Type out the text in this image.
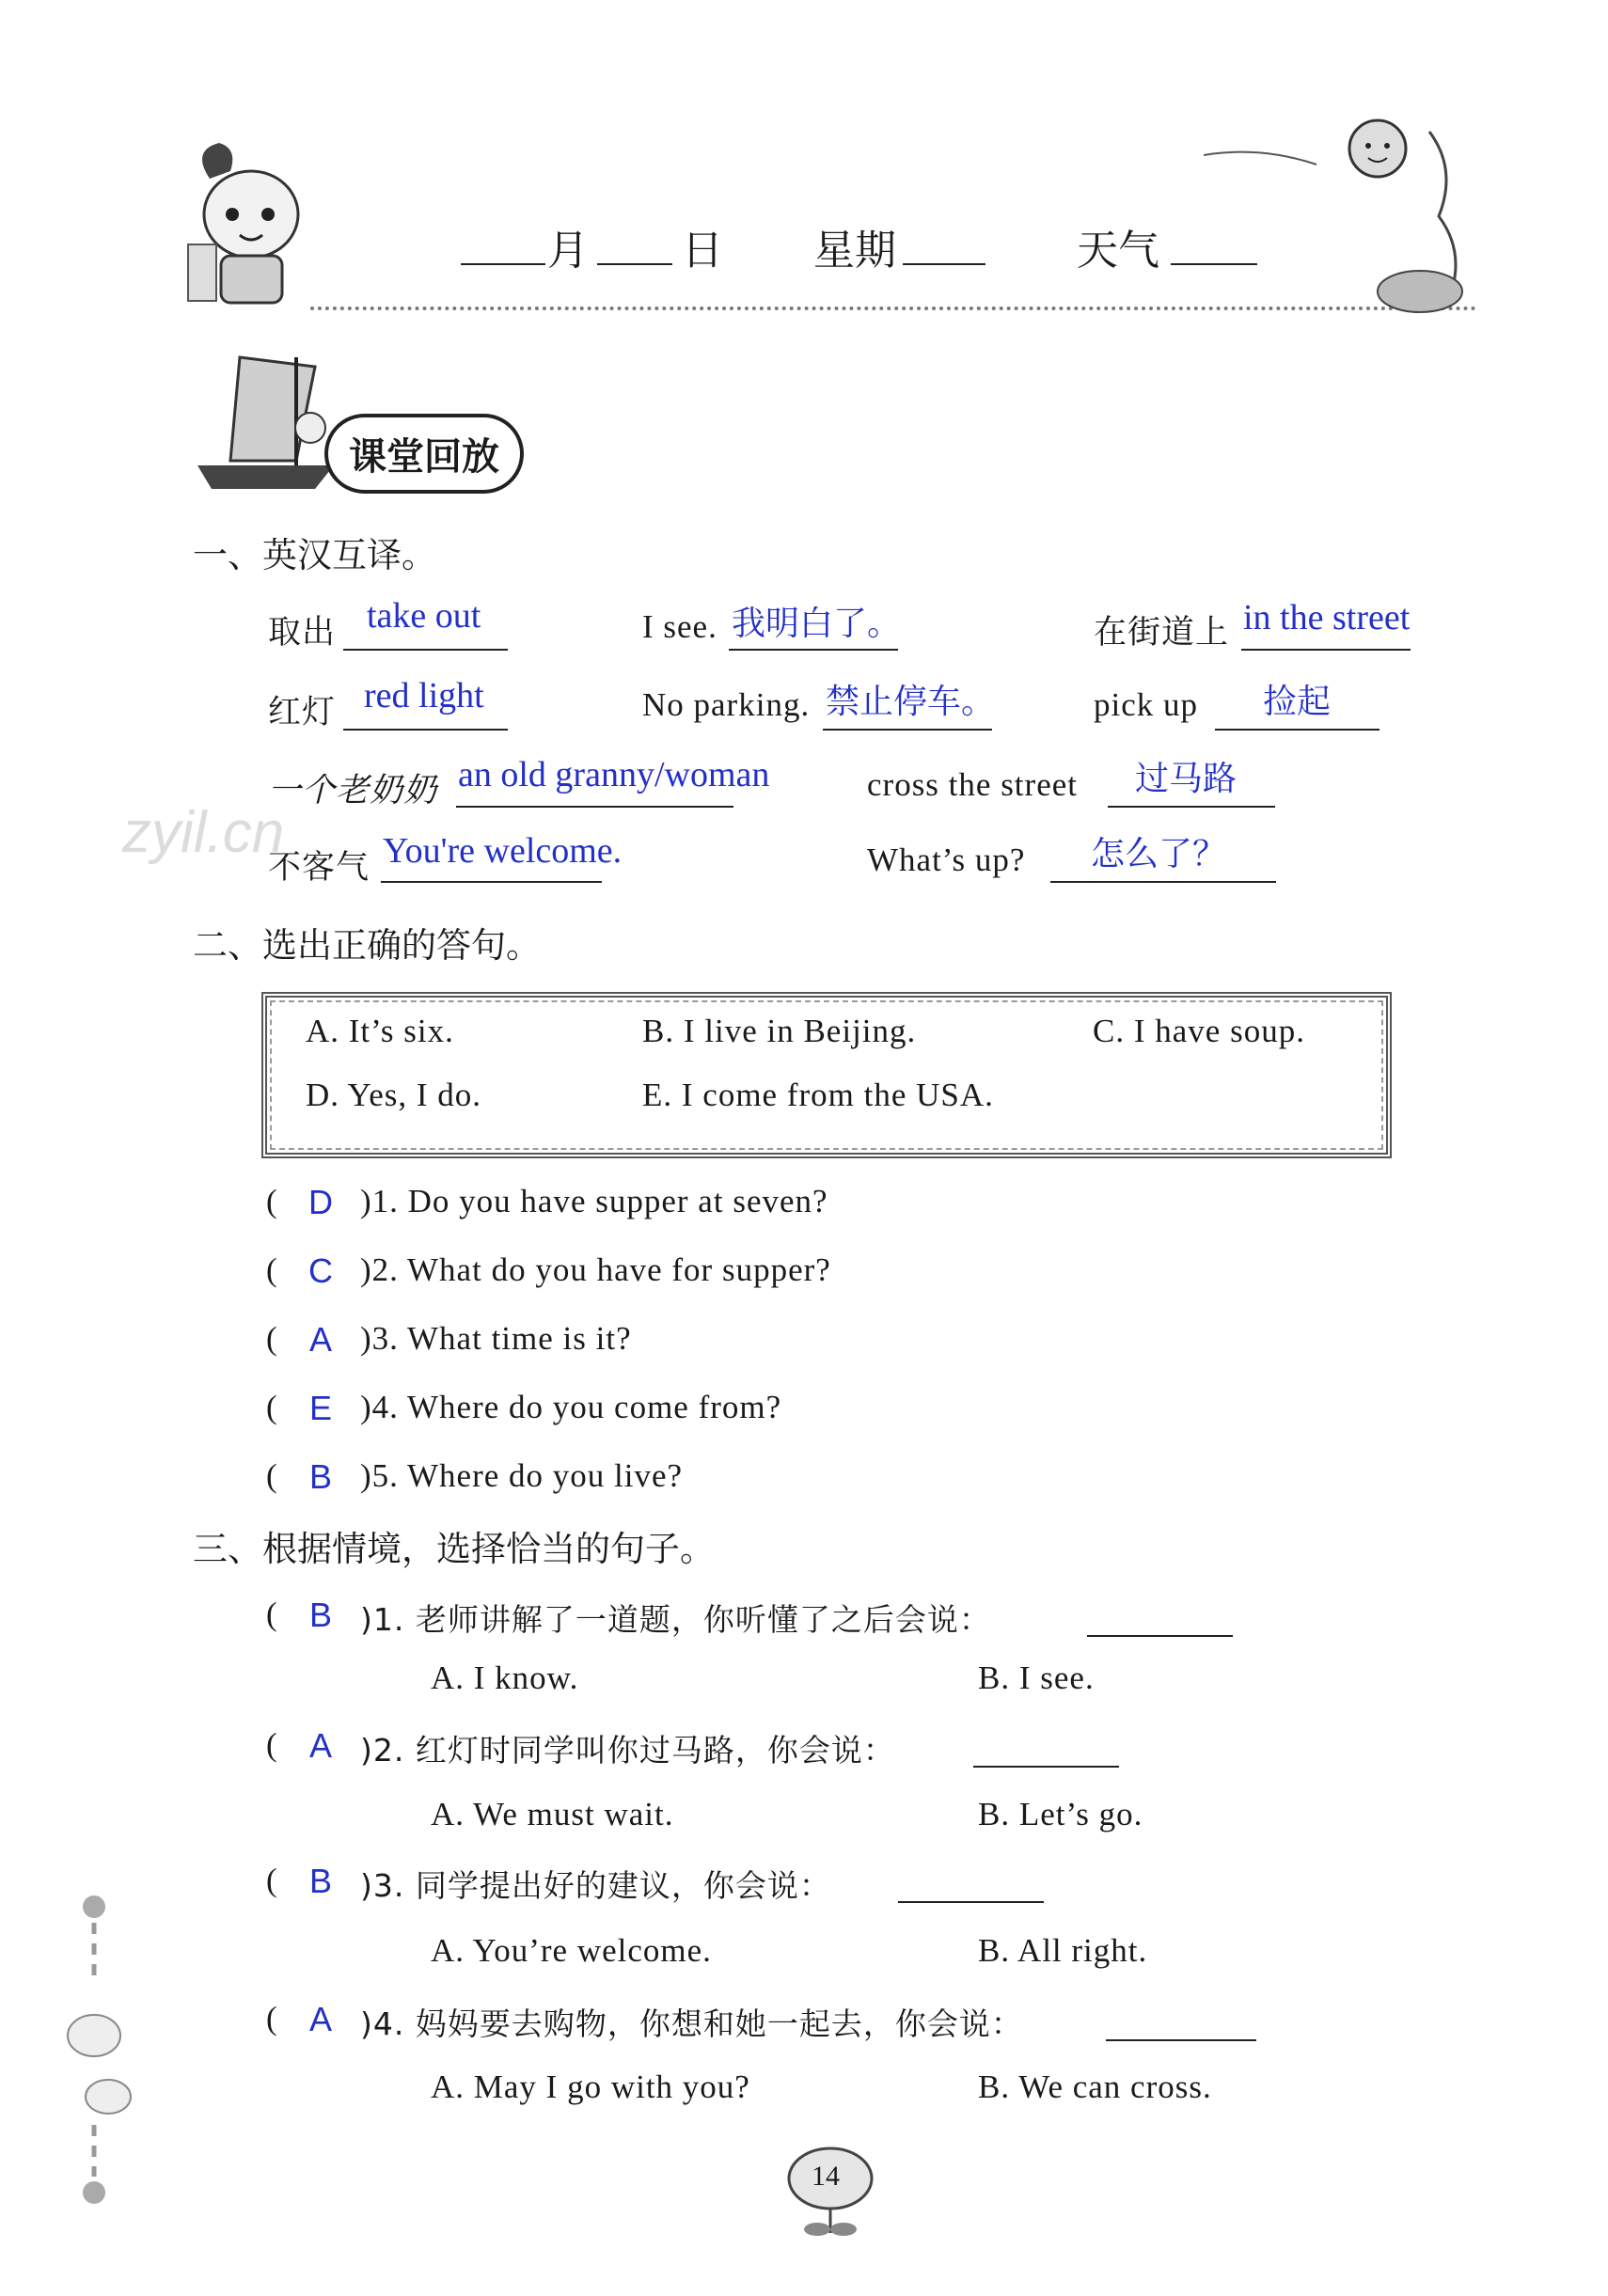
月 日 星期	天气
课堂回放
一、英汉互译。
取出 take out	I see. 我明白了。	在街道上 in the street
红灯 red light	No parking. 禁止停车。	pick up 捡起
一个老奶奶 an old granny/woman	cross the street 过马路
不客气 You're welcome.	What’s up? 怎么了？
zyil.cn
二、选出正确的答句。
A. It’s six.	B. I live in Beijing.	C. I have soup.
D. Yes, I do.	E. I come from the USA.
( D )1. Do you have supper at seven?
( C )2. What do you have for supper?
( A )3. What time is it?
( E )4. Where do you come from?
( B )5. Where do you live?
三、根据情境，选择恰当的句子。
( B )1. 老师讲解了一道题，你听懂了之后会说：
A. I know.	B. I see.
( A )2. 红灯时同学叫你过马路，你会说：
A. We must wait.	B. Let’s go.
( B )3. 同学提出好的建议，你会说：
A. You’re welcome.	B. All right.
( A )4. 妈妈要去购物，你想和她一起去，你会说：
A. May I go with you?	B. We can cross.
14
